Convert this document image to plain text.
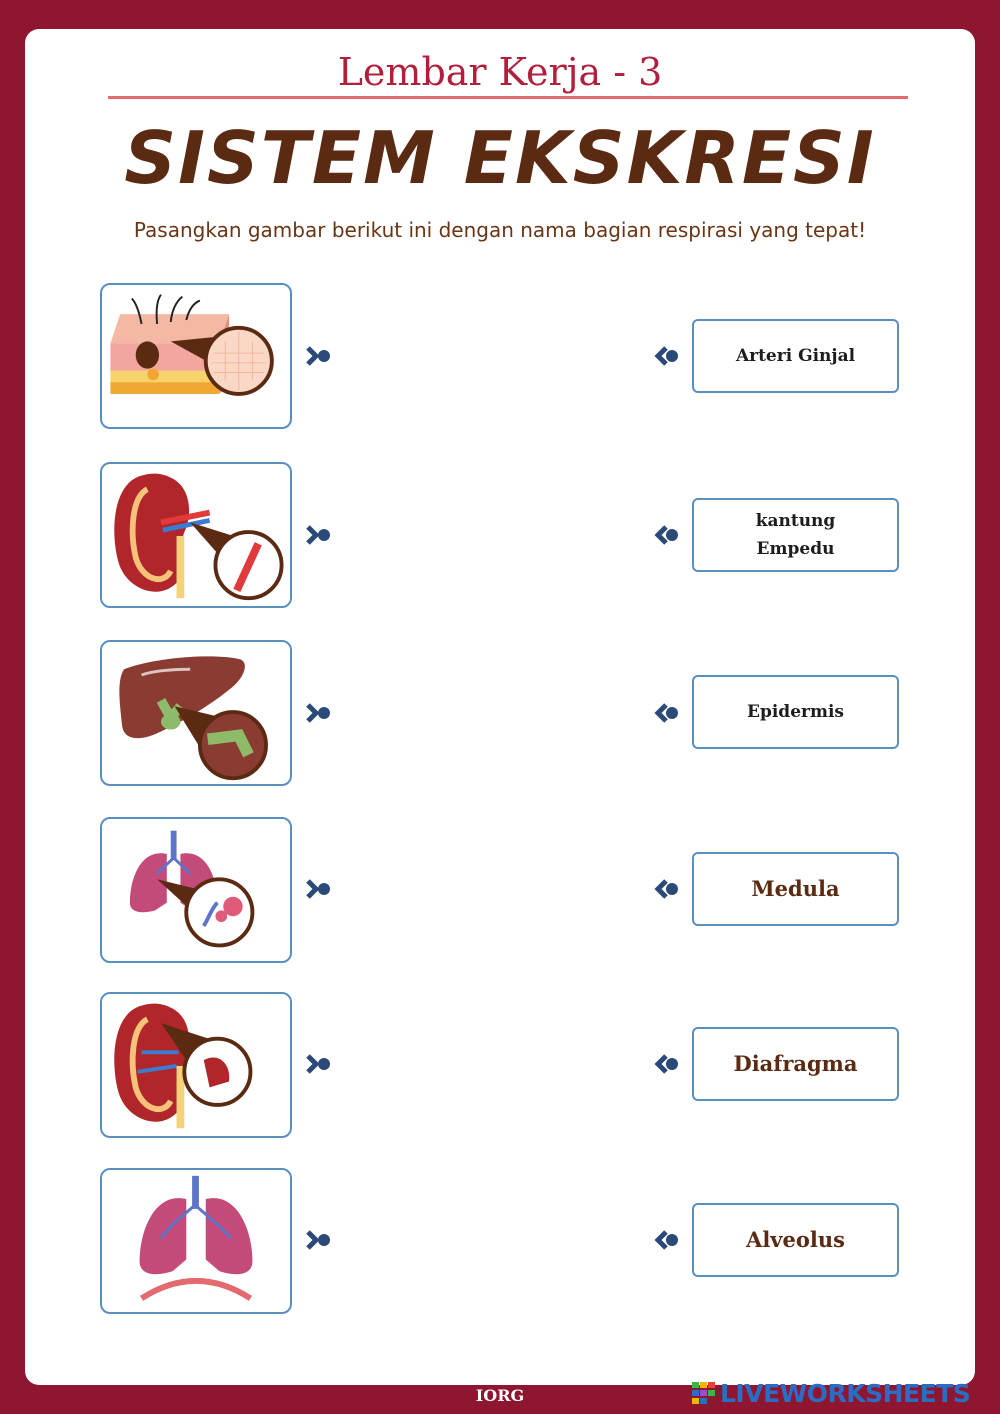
Lembar Kerja - 3
SISTEM EKSKRESI
Pasangkan gambar berikut ini dengan nama bagian respirasi yang tepat!
Arteri Ginjal
kantung
Empedu
Epidermis
Medula
Diafragma
Alveolus
IORG	LIVEWORKSHEETS
